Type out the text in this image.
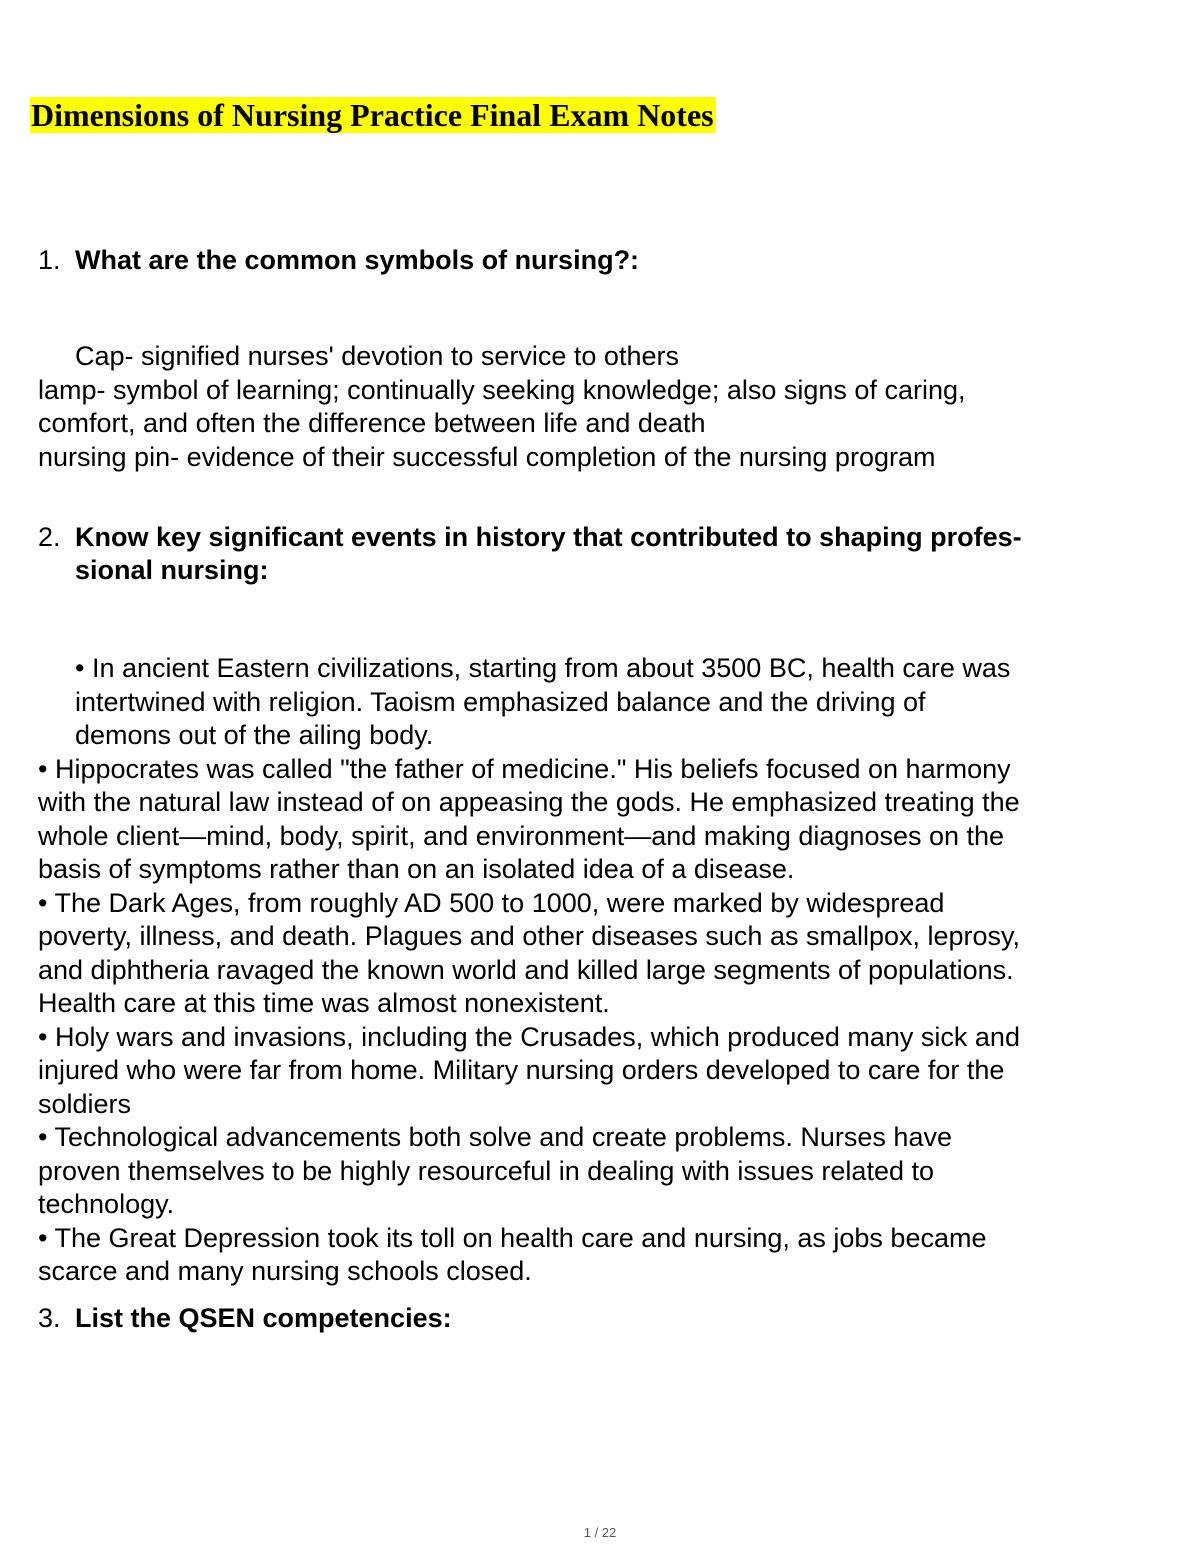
Dimensions of Nursing Practice Final Exam Notes
1. What are the common symbols of nursing?:
Cap- signified nurses' devotion to service to others
lamp- symbol of learning; continually seeking knowledge; also signs of caring,
comfort, and often the difference between life and death
nursing pin- evidence of their successful completion of the nursing program
2. Know key significant events in history that contributed to shaping profes-
sional nursing:
• In ancient Eastern civilizations, starting from about 3500 BC, health care was
intertwined with religion. Taoism emphasized balance and the driving of
demons out of the ailing body.
• Hippocrates was called "the father of medicine." His beliefs focused on harmony
with the natural law instead of on appeasing the gods. He emphasized treating the
whole client—mind, body, spirit, and environment—and making diagnoses on the
basis of symptoms rather than on an isolated idea of a disease.
• The Dark Ages, from roughly AD 500 to 1000, were marked by widespread
poverty, illness, and death. Plagues and other diseases such as smallpox, leprosy,
and diphtheria ravaged the known world and killed large segments of populations.
Health care at this time was almost nonexistent.
• Holy wars and invasions, including the Crusades, which produced many sick and
injured who were far from home. Military nursing orders developed to care for the
soldiers
• Technological advancements both solve and create problems. Nurses have
proven themselves to be highly resourceful in dealing with issues related to
technology.
• The Great Depression took its toll on health care and nursing, as jobs became
scarce and many nursing schools closed.
3. List the QSEN competencies:
1 / 22
